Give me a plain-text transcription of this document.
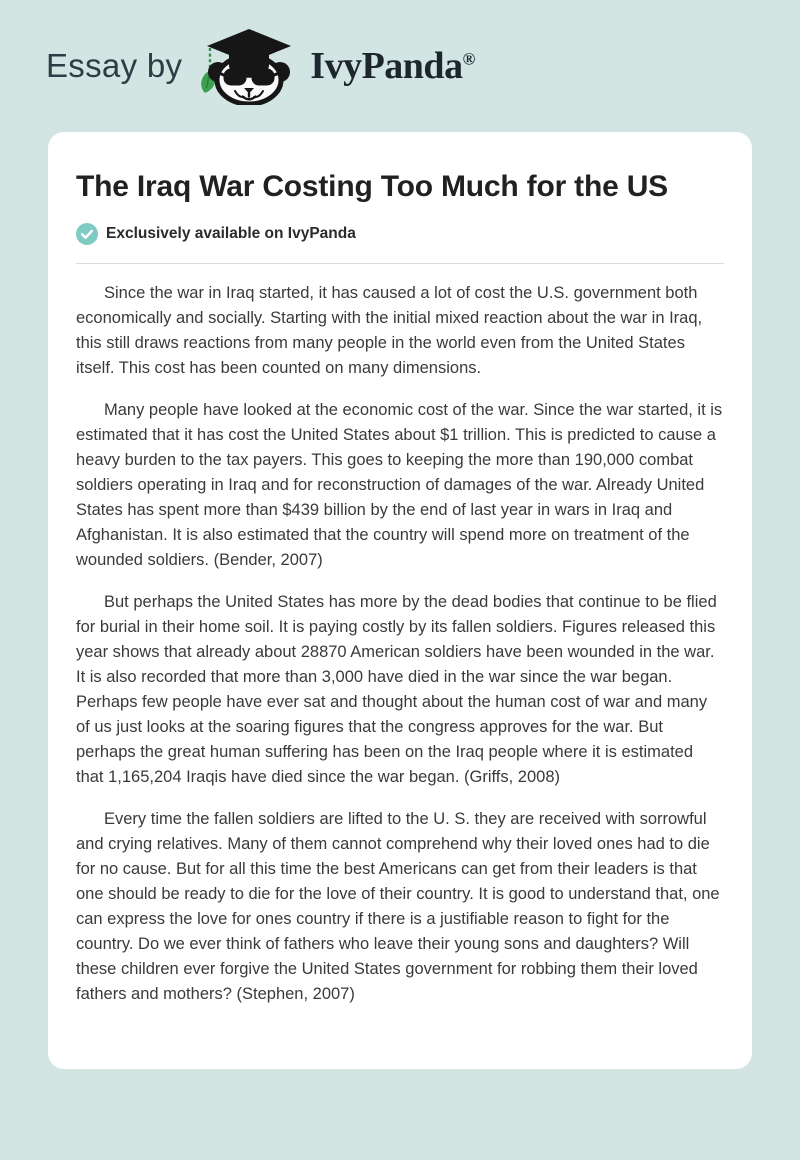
Essay by	IvyPanda®
The Iraq War Costing Too Much for the US
Exclusively available on IvyPanda

Since the war in Iraq started, it has caused a lot of cost the U.S. government both economically and socially. Starting with the initial mixed reaction about the war in Iraq, this still draws reactions from many people in the world even from the United States itself. This cost has been counted on many dimensions.

Many people have looked at the economic cost of the war. Since the war started, it is estimated that it has cost the United States about $1 trillion. This is predicted to cause a heavy burden to the tax payers. This goes to keeping the more than 190,000 combat soldiers operating in Iraq and for reconstruction of damages of the war. Already United States has spent more than $439 billion by the end of last year in wars in Iraq and Afghanistan. It is also estimated that the country will spend more on treatment of the wounded soldiers. (Bender, 2007)

But perhaps the United States has more by the dead bodies that continue to be flied for burial in their home soil. It is paying costly by its fallen soldiers. Figures released this year shows that already about 28870 American soldiers have been wounded in the war. It is also recorded that more than 3,000 have died in the war since the war began. Perhaps few people have ever sat and thought about the human cost of war and many of us just looks at the soaring figures that the congress approves for the war. But perhaps the great human suffering has been on the Iraq people where it is estimated that 1,165,204 Iraqis have died since the war began. (Griffs, 2008)

Every time the fallen soldiers are lifted to the U. S. they are received with sorrowful and crying relatives. Many of them cannot comprehend why their loved ones had to die for no cause. But for all this time the best Americans can get from their leaders is that one should be ready to die for the love of their country. It is good to understand that, one can express the love for ones country if there is a justifiable reason to fight for the country. Do we ever think of fathers who leave their young sons and daughters? Will these children ever forgive the United States government for robbing them their loved fathers and mothers? (Stephen, 2007)
